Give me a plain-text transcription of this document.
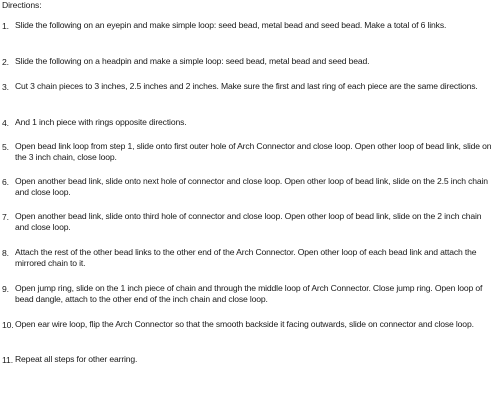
Directions:
1. Slide the following on an eyepin and make simple loop: seed bead, metal bead and seed bead. Make a total of 6 links.
2. Slide the following on a headpin and make a simple loop: seed bead, metal bead and seed bead.
3. Cut 3 chain pieces to 3 inches, 2.5 inches and 2 inches. Make sure the first and last ring of each piece are the same directions.
4. And 1 inch piece with rings opposite directions.
5. Open bead link loop from step 1, slide onto first outer hole of Arch Connector and close loop. Open other loop of bead link, slide on the 3 inch chain, close loop.
6. Open another bead link, slide onto next hole of connector and close loop. Open other loop of bead link, slide on the 2.5 inch chain and close loop.
7. Open another bead link, slide onto third hole of connector and close loop. Open other loop of bead link, slide on the 2 inch chain and close loop.
8. Attach the rest of the other bead links to the other end of the Arch Connector. Open other loop of each bead link and attach the mirrored chain to it.
9. Open jump ring, slide on the 1 inch piece of chain and through the middle loop of Arch Connector. Close jump ring. Open loop of bead dangle, attach to the other end of the inch chain and close loop.
10. Open ear wire loop, flip the Arch Connector so that the smooth backside it facing outwards, slide on connector and close loop.
11. Repeat all steps for other earring.
